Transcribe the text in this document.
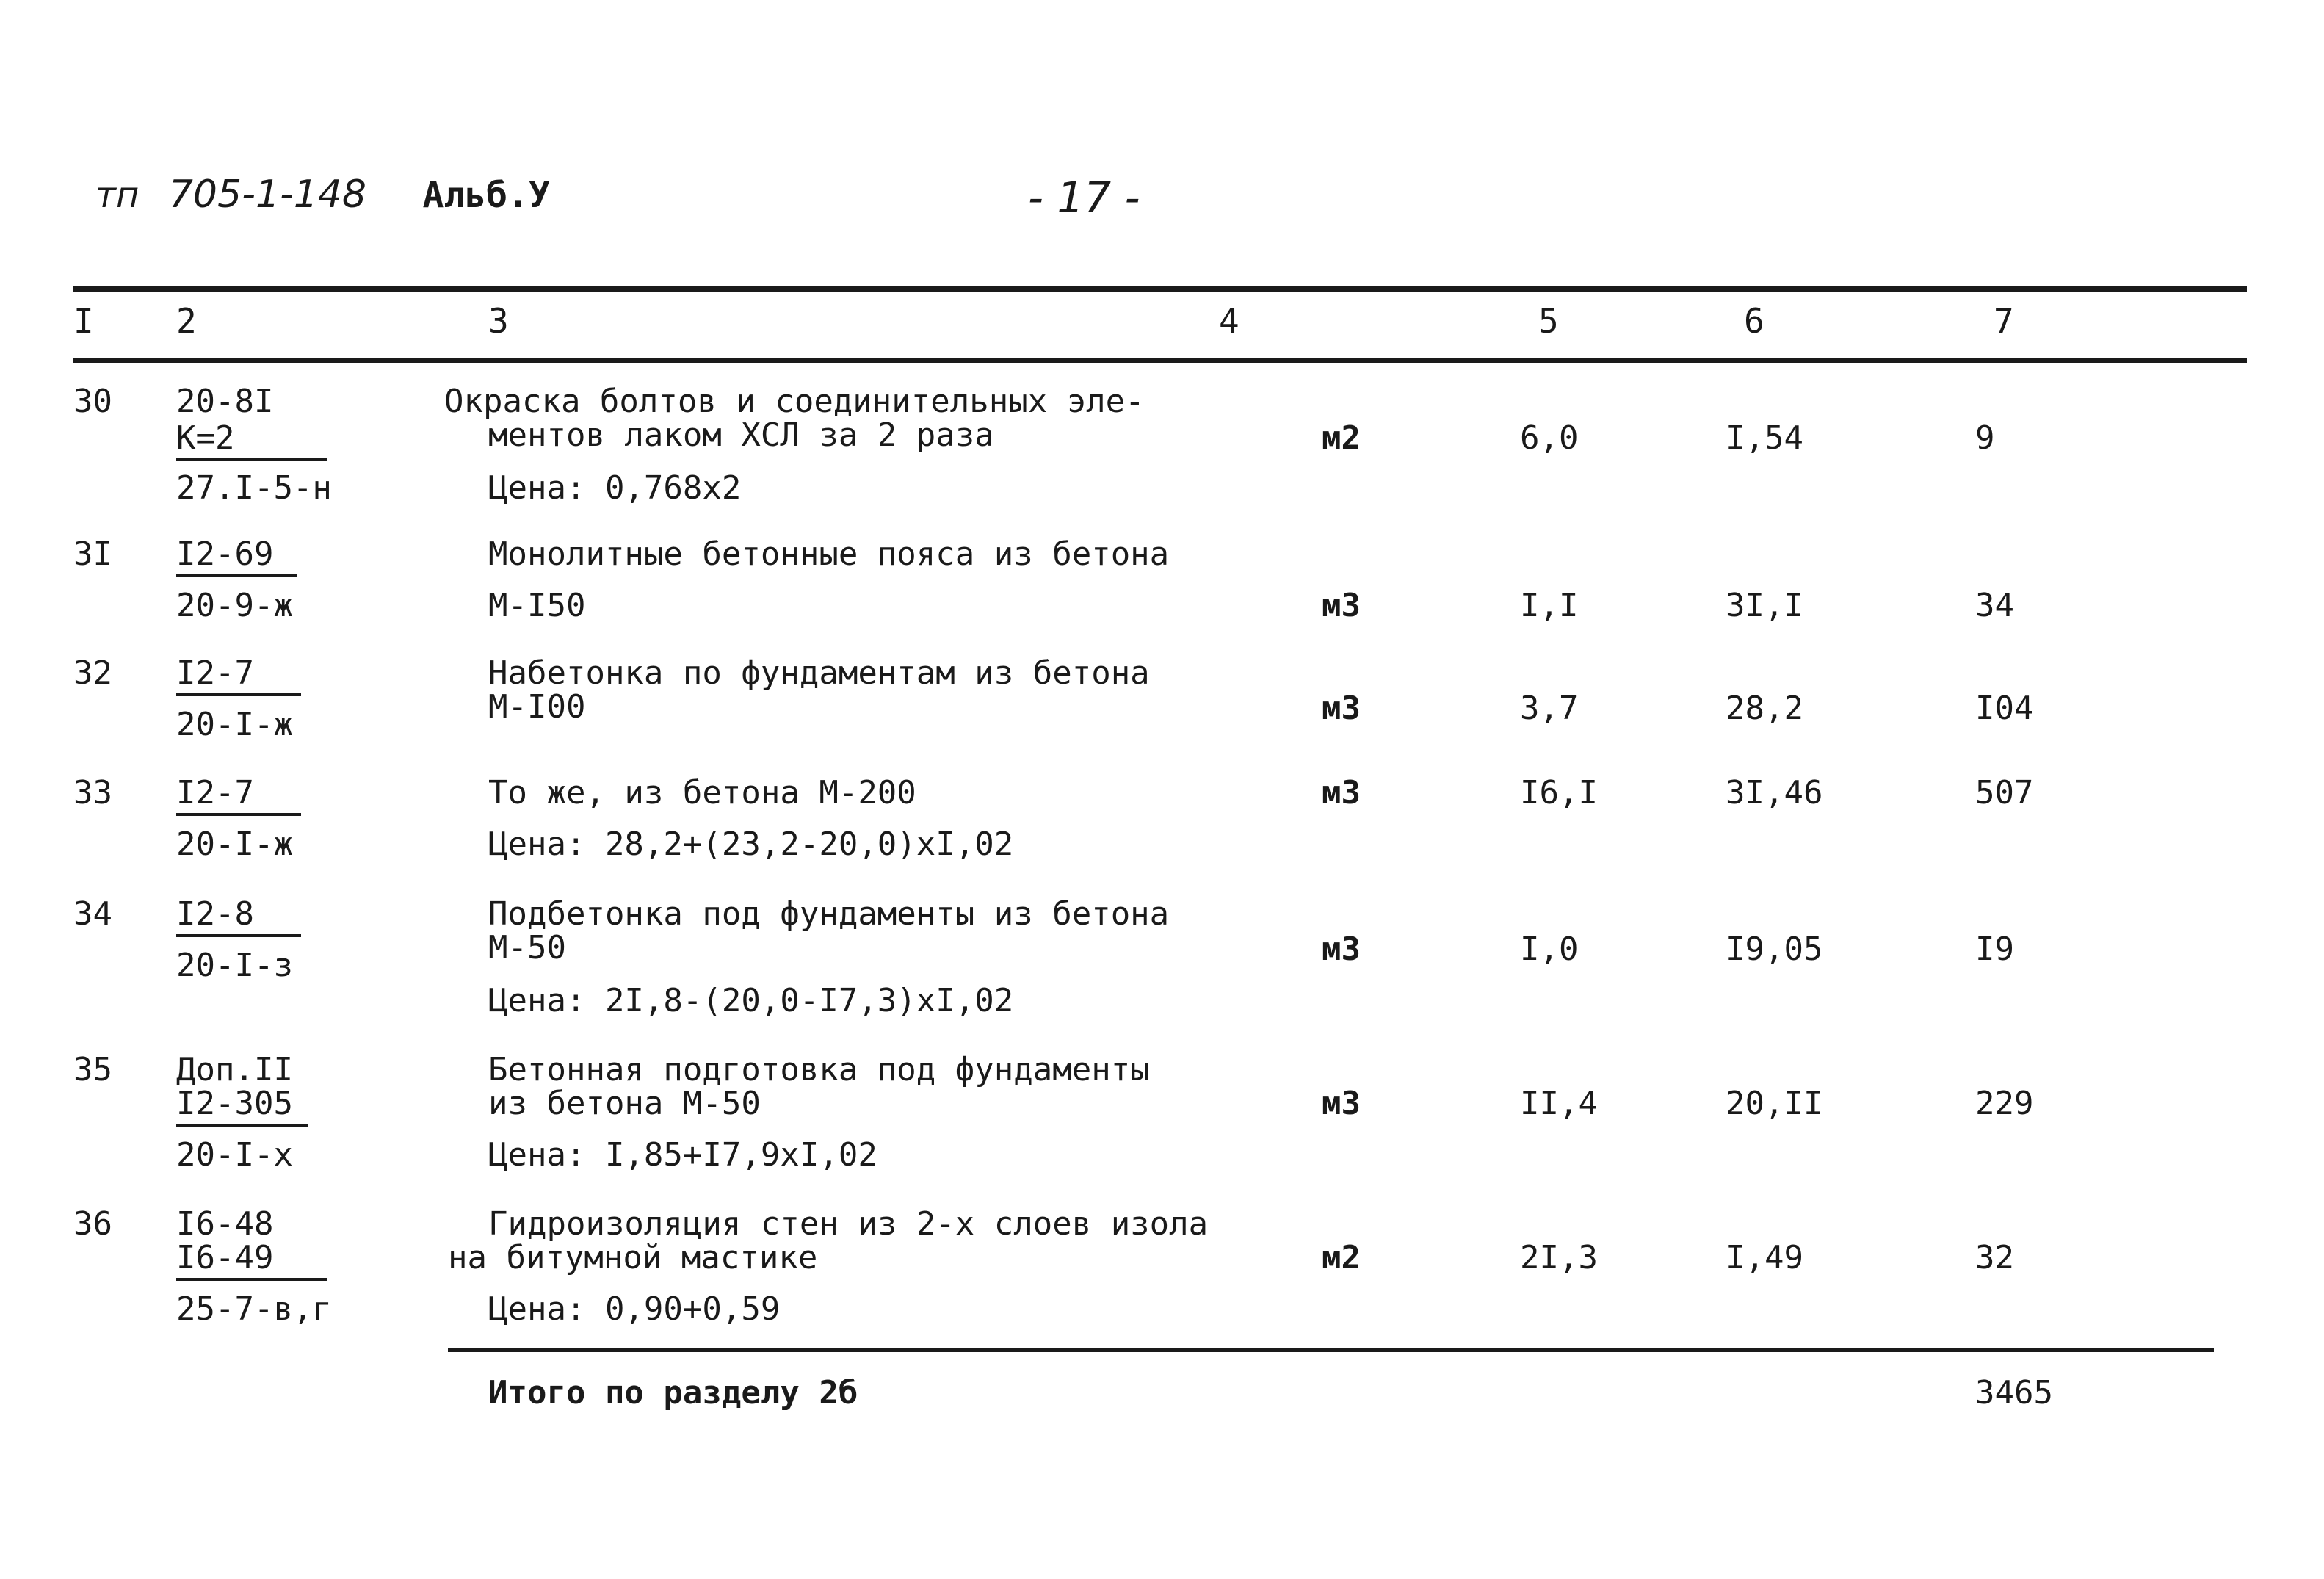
тп 705-1-148 Альб.У	- 17 -
I 2	3	4	5	6	7
30 20-8I
K=2
27.I-5-н
Окраска болтов и соединительных эле-
ментов лаком ХСЛ за 2 раза
Цена: 0,768х2
м2	6,0	I,54	9
3I I2-69
20-9-ж
Монолитные бетонные пояса из бетона
М-I50	м3	I,I	3I,I	34
32 I2-7
20-I-ж
Набетонка по фундаментам из бетона
М-I00	м3	3,7	28,2	I04
33 I2-7
20-I-ж
То же, из бетона М-200
Цена: 28,2+(23,2-20,0)хI,02
м3	I6,I	3I,46	507
34 I2-8
20-I-з
Подбетонка под фундаменты из бетона
М-50
Цена: 2I,8-(20,0-I7,3)хI,02
м3	I,0	I9,05	I9
35 Доп.II
I2-305
20-I-х
Бетонная подготовка под фундаменты
из бетона М-50
Цена: I,85+I7,9хI,02
м3	II,4	20,II	229
36 I6-48
I6-49
25-7-в,г
Гидроизоляция стен из 2-х слоев изола
на битумной мастике
Цена: 0,90+0,59
м2	2I,3	I,49	32
Итого по разделу 2б	3465
